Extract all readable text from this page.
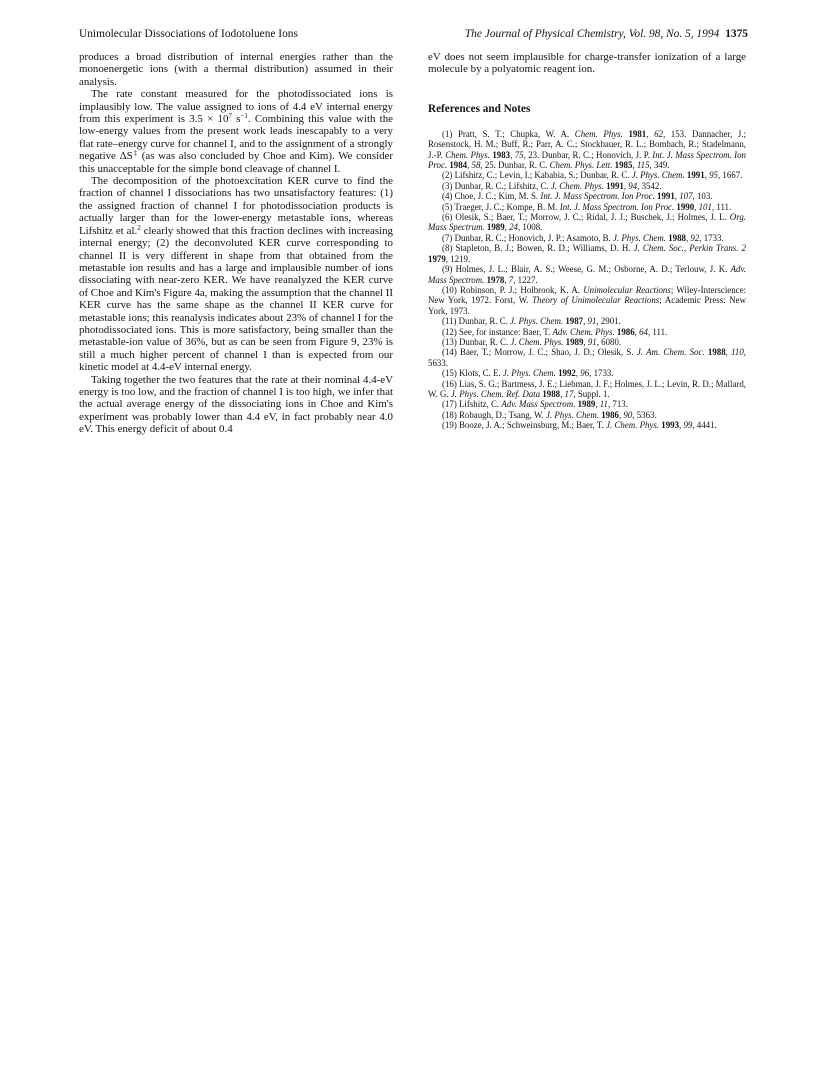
Unimolecular Dissociations of Iodotoluene Ions	The Journal of Physical Chemistry, Vol. 98, No. 5, 1994 1375

produces a broad distribution of internal energies rather than the monoenergetic ions (with a thermal distribution) assumed in their analysis.

The rate constant measured for the photodissociated ions is implausibly low. The value assigned to ions of 4.4 eV internal energy from this experiment is $3.5 \times 10^7$ $s^{-1}$. Combining this value with the low-energy values from the present work leads inescapably to a very flat rate–energy curve for channel I, and to the assignment of a strongly negative ΔS‡ (as was also concluded by Choe and Kim). We consider this unacceptable for the simple bond cleavage of channel I.

The decomposition of the photoexcitation KER curve to find the fraction of channel I dissociations has two unsatisfactory features: (1) the assigned fraction of channel I for photodissociation products is actually larger than for the lower-energy metastable ions, whereas Lifshitz et al.$^2$ clearly showed that this fraction declines with increasing internal energy; (2) the deconvoluted KER curve corresponding to channel II is very different in shape from that obtained from the metastable ion results and has a large and implausible number of ions dissociating with near-zero KER. We have reanalyzed the KER curve of Choe and Kim's Figure 4a, making the assumption that the channel II KER curve has the same shape as the channel II KER curve for metastable ions; this reanalysis indicates about 23% of channel I for the photodissociated ions. This is more satisfactory, being smaller than the metastable-ion value of 36%, but as can be seen from Figure 9, 23% is still a much higher percent of channel I than is expected from our kinetic model at 4.4-eV internal energy.

Taking together the two features that the rate at their nominal 4.4-eV energy is too low, and the fraction of channel I is too high, we infer that the actual average energy of the dissociating ions in Choe and Kim's experiment was probably lower than 4.4 eV, in fact probably near 4.0 eV. This energy deficit of about 0.4

eV does not seem implausible for charge-transfer ionization of a large molecule by a polyatomic reagent ion.

References and Notes

(1) Pratt, S. T.; Chupka, W. A. Chem. Phys. 1981, 62, 153. Dannacher, J.; Rosenstock, H. M.; Buff, R.; Parr, A. C.; Stockbauer, R. L.; Bombach, R.; Stadelmann, J.-P. Chem. Phys. 1983, 75, 23. Dunbar, R. C.; Honovich, J. P. Int. J. Mass Spectrom. Ion Proc. 1984, 58, 25. Dunbar, R. C. Chem. Phys. Lett. 1985, 115, 349.

(2) Lifshitz, C.; Levin, I.; Kababia, S.; Dunbar, R. C. J. Phys. Chem. 1991, 95, 1667.

(3) Dunbar, R. C.; Lifshitz, C. J. Chem. Phys. 1991, 94, 3542.

(4) Choe, J. C.; Kim, M. S. Int. J. Mass Spectrom. Ion Proc. 1991, 107, 103.

(5) Traeger, J. C.; Kompe, B. M. Int. J. Mass Spectrom. Ion Proc. 1990, 101, 111.

(6) Olesik, S.; Baer, T.; Morrow, J. C.; Ridal, J. J.; Buschek, J.; Holmes, J. L. Org. Mass Spectrum. 1989, 24, 1008.

(7) Dunbar, R. C.; Honovich, J. P.; Asamoto, B. J. Phys. Chem. 1988, 92, 1733.

(8) Stapleton, B. J.; Bowen, R. D.; Williams, D. H. J. Chem. Soc., Perkin Trans. 2 1979, 1219.

(9) Holmes, J. L.; Blair, A. S.; Weese, G. M.; Osborne, A. D.; Terlouw, J. K. Adv. Mass Spectrom. 1978, 7, 1227.

(10) Robinson, P. J.; Holbrook, K. A. Unimolecular Reactions; Wiley-Interscience: New York, 1972. Forst, W. Theory of Unimolecular Reactions; Academic Press: New York, 1973.

(11) Dunbar, R. C. J. Phys. Chem. 1987, 91, 2901.

(12) See, for instance: Baer, T. Adv. Chem. Phys. 1986, 64, 111.

(13) Dunbar, R. C. J. Chem. Phys. 1989, 91, 6080.

(14) Baer, T.; Morrow, J. C.; Shao, J. D.; Olesik, S. J. Am. Chem. Soc. 1988, 110, 5633.

(15) Klots, C. E. J. Phys. Chem. 1992, 96, 1733.

(16) Lias, S. G.; Bartmess, J. E.; Liebman, J. F.; Holmes, J. L.; Levin, R. D.; Mallard, W. G. J. Phys. Chem. Ref. Data 1988, 17, Suppl. 1.

(17) Lifshitz, C. Adv. Mass Spectrom. 1989, 11, 713.

(18) Robaugh, D.; Tsang, W. J. Phys. Chem. 1986, 90, 5363.

(19) Booze, J. A.; Schweinsburg, M.; Baer, T. J. Chem. Phys. 1993, 99, 4441.
